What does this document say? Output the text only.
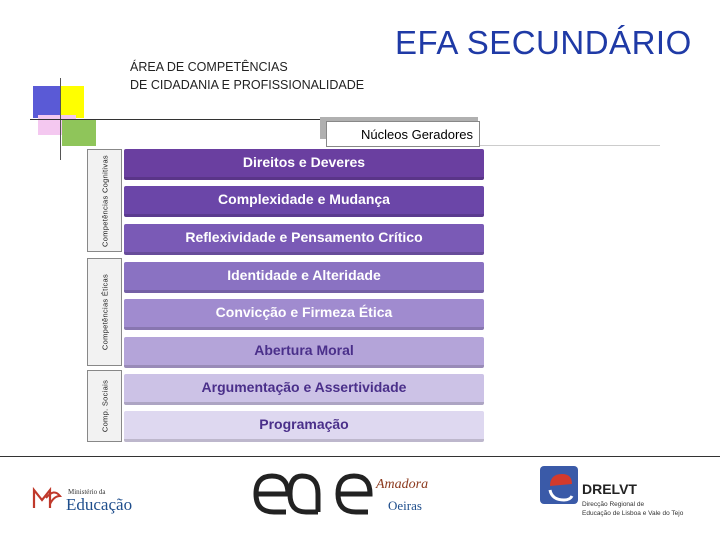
EFA SECUNDÁRIO
ÁREA DE COMPETÊNCIAS
DE CIDADANIA E PROFISSIONALIDADE
Núcleos Geradores
Competências Cognitivas
Competências Éticas
Comp. Sociais
Direitos e Deveres
Complexidade e Mudança
Reflexividade e Pensamento Crítico
Identidade e Alteridade
Convicção e Firmeza Ética
Abertura Moral
Argumentação e Assertividade
Programação
Ministério da
Educação
Amadora
Oeiras
DRELVT
Direcção Regional de
Educação de Lisboa e Vale do Tejo
